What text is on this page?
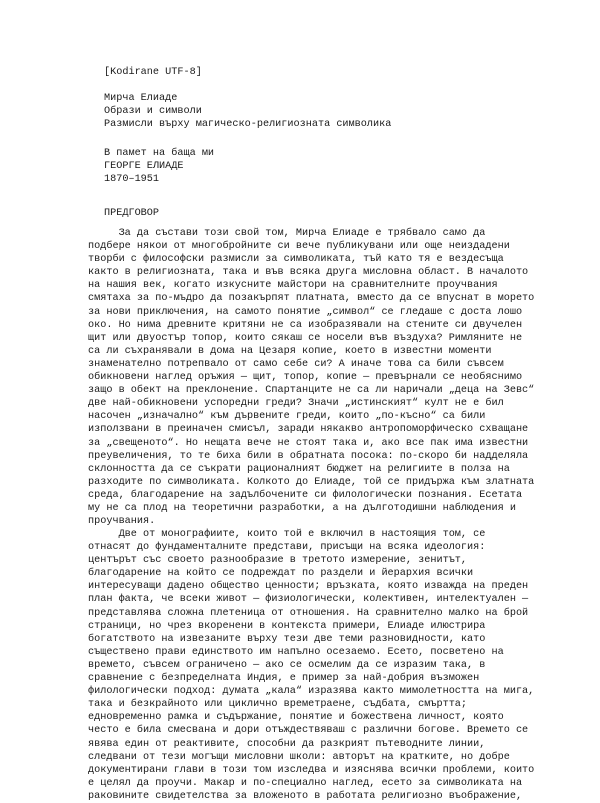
[Kodirane UTF-8]
Мирча Елиаде
Образи и символи
Размисли върху магическо-религиозната символика
В памет на баща ми
ГЕОРГЕ ЕЛИАДЕ
1870–1951
ПРЕДГОВОР
За да състави този свой том, Мирча Елиаде е трябвало само да
подбере някои от многобройните си вече публикувани или още неиздадени
творби с философски размисли за символиката, тъй като тя е вездесъща
както в религиозната, така и във всяка друга мисловна област. В началото
на нашия век, когато изкусните майстори на сравнителните проучвания
смятаха за по-мъдро да позакърпят платната, вместо да се впуснат в морето
за нови приключения, на самото понятие „символ“ се гледаше с доста лошо
око. Но нима древните критяни не са изобразявали на стените си двучелен
щит или двуостър топор, които сякаш се носели във въздуха? Римляните не
са ли съхранявали в дома на Цезаря копие, което в известни моменти
знаменателно потрепвало от само себе си? А иначе това са били съвсем
обикновени наглед оръжия — щит, топор, копие — превърнали се необяснимо
защо в обект на преклонение. Спартанците не са ли наричали „деца на Зевс“
две най-обикновени успоредни греди? Значи „истинският“ култ не е бил
насочен „изначално“ към дървените греди, които „по-късно“ са били
използвани в преиначен смисъл, заради някакво антропоморфическо схващане
за „свещеното“. Но нещата вече не стоят така и, ако все пак има известни
преувеличения, то те биха били в обратната посока: по-скоро би надделяла
склонността да се съкрати рационалният бюджет на религиите в полза на
разходите по символиката. Колкото до Елиаде, той се придържа към златната
среда, благодарение на задълбочените си филологически познания. Есетата
му не са плод на теоретични разработки, а на дълготодишни наблюдения и
проучвания.
Две от монографиите, които той е включил в настоящия том, се
отнасят до фундаменталните представи, присъщи на всяка идеология:
центърът със своето разнообразие в третото измерение, зенитът,
благодарение на който се подреждат по раздели и йерархия всички
интересуващи дадено общество ценности; връзката, която изважда на преден
план факта, че всеки живот — физиологически, колективен, интелектуален —
представлява сложна плетеница от отношения. На сравнително малко на брой
страници, но чрез вкоренени в контекста примери, Елиаде илюстрира
богатството на извезаните върху тези две теми разновидности, като
съществено прави единството им напълно осезаемо. Есето, посветено на
времето, съвсем ограничено — ако се осмелим да се изразим така, в
сравнение с безпределната Индия, е пример за най-добрия възможен
филологически подход: думата „кала“ изразява както мимолетността на мига,
така и безкрайното или циклично времетраене, съдбата, смъртта;
едновременно рамка и съдържание, понятие и божествена личност, която
често е била смесвана и дори отъждествяваш с различни богове. Времето се
явява един от реактивите, способни да разкрият пътеводните линии,
следвани от тези могъщи мисловни школи: авторът на кратките, но добре
документирани глави в този том изследва и изяснява всички проблеми, които
е целял да проучи. Макар и по-специално наглед, есето за символиката на
раковините свидетелства за вложеното в работата религиозно въображение,
